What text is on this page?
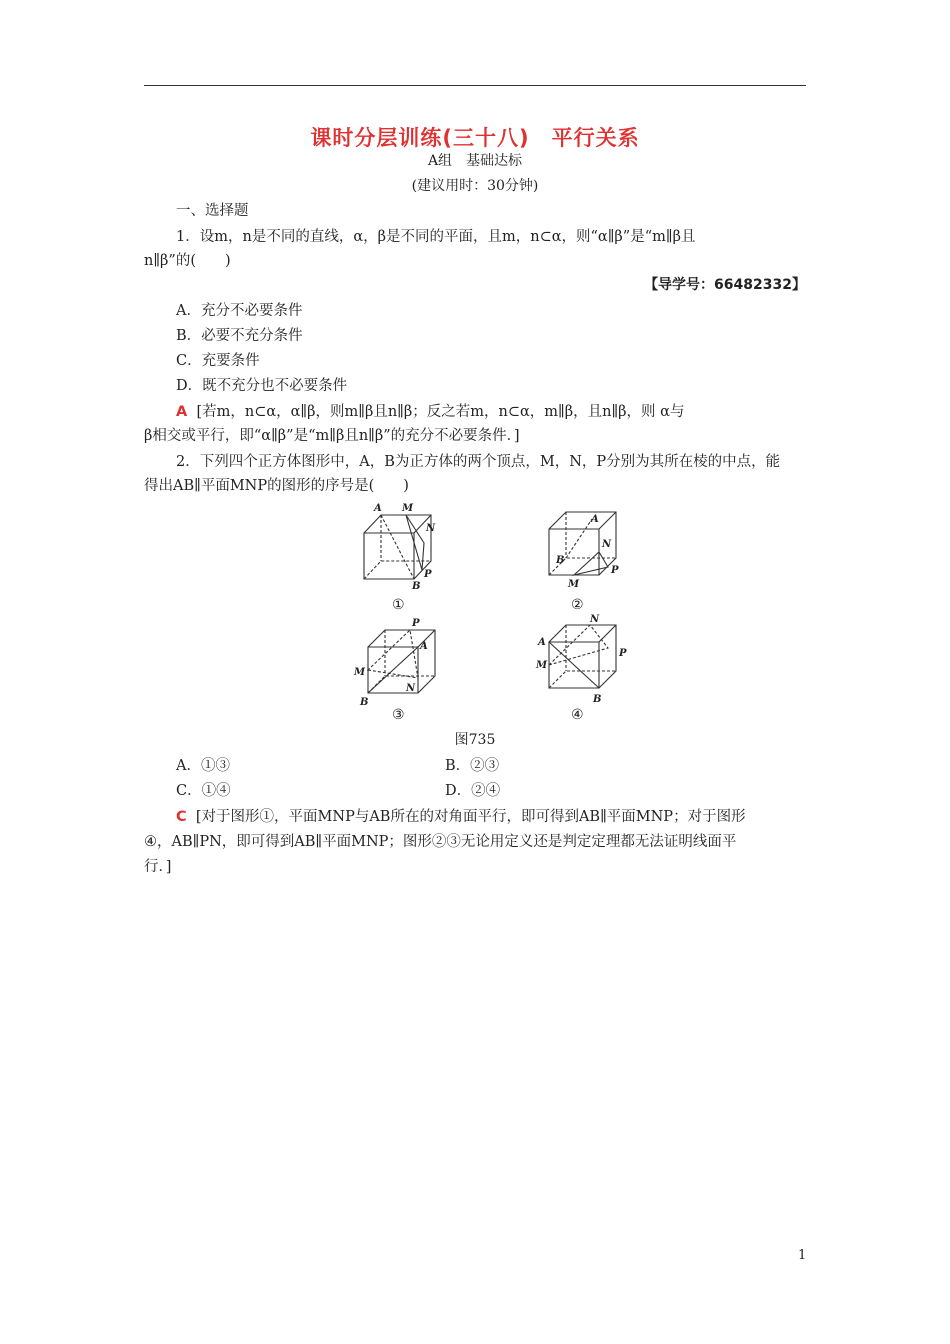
课时分层训练(三十八)　平行关系
A组　基础达标
(建议用时：30分钟)
一、选择题
1．设m，n是不同的直线，α，β是不同的平面，且m，n⊂α，则“α∥β”是“m∥β且
n∥β”的(　　)
【导学号：66482332】
A．充分不必要条件
B．必要不充分条件
C．充要条件
D．既不充分也不必要条件
A [若m，n⊂α，α∥β，则m∥β且n∥β；反之若m，n⊂α，m∥β，且n∥β，则 α与
β相交或平行，即“α∥β”是“m∥β且n∥β”的充分不必要条件．]
2．下列四个正方体图形中，A，B为正方体的两个顶点，M，N，P分别为其所在棱的中点，能
得出AB∥平面MNP的图形的序号是(　　)
A M
N
P
B
①
A
N
B
P
M
②
P
A
M
N
B
③
N
A
M
P
B
④
图735
A．①③	B．②③
C．①④	D．②④
C [对于图形①，平面MNP与AB所在的对角面平行，即可得到AB∥平面MNP；对于图形
④，AB∥PN，即可得到AB∥平面MNP；图形②③无论用定义还是判定定理都无法证明线面平
行．]
1
